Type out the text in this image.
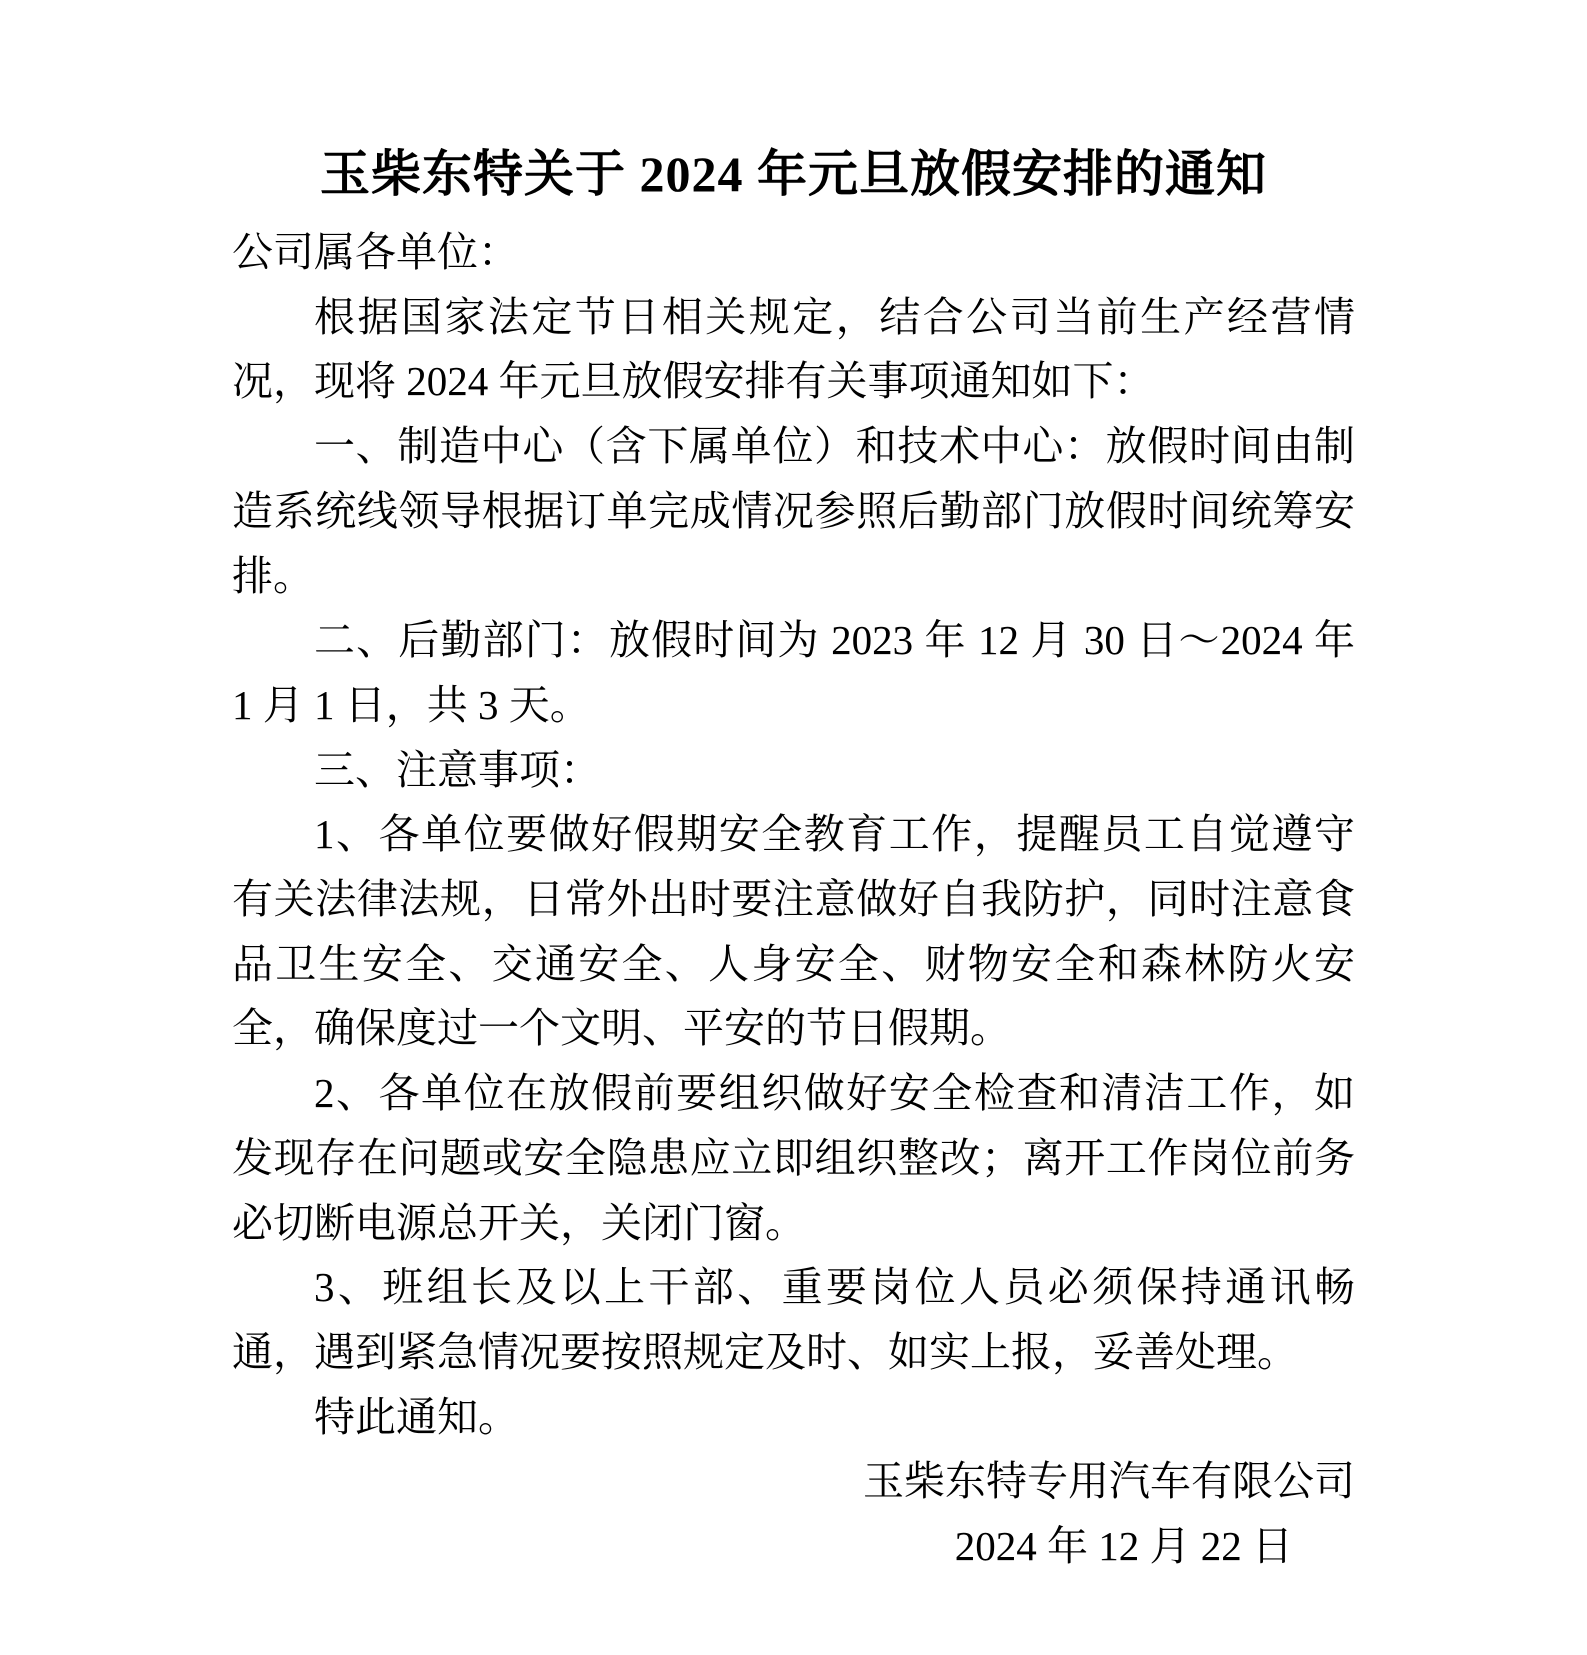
玉柴东特关于 2024 年元旦放假安排的通知

公司属各单位：

根据国家法定节日相关规定，结合公司当前生产经营情况，现将 2024 年元旦放假安排有关事项通知如下：

一、制造中心（含下属单位）和技术中心：放假时间由制造系统线领导根据订单完成情况参照后勤部门放假时间统筹安排。

二、后勤部门：放假时间为 2023 年 12 月 30 日～2024 年 1 月 1 日，共 3 天。

三、注意事项：

1、各单位要做好假期安全教育工作，提醒员工自觉遵守有关法律法规，日常外出时要注意做好自我防护，同时注意食品卫生安全、交通安全、人身安全、财物安全和森林防火安全，确保度过一个文明、平安的节日假期。

2、各单位在放假前要组织做好安全检查和清洁工作，如发现存在问题或安全隐患应立即组织整改；离开工作岗位前务必切断电源总开关，关闭门窗。

3、班组长及以上干部、重要岗位人员必须保持通讯畅通，遇到紧急情况要按照规定及时、如实上报，妥善处理。

特此通知。

玉柴东特专用汽车有限公司

2024 年 12 月 22 日
